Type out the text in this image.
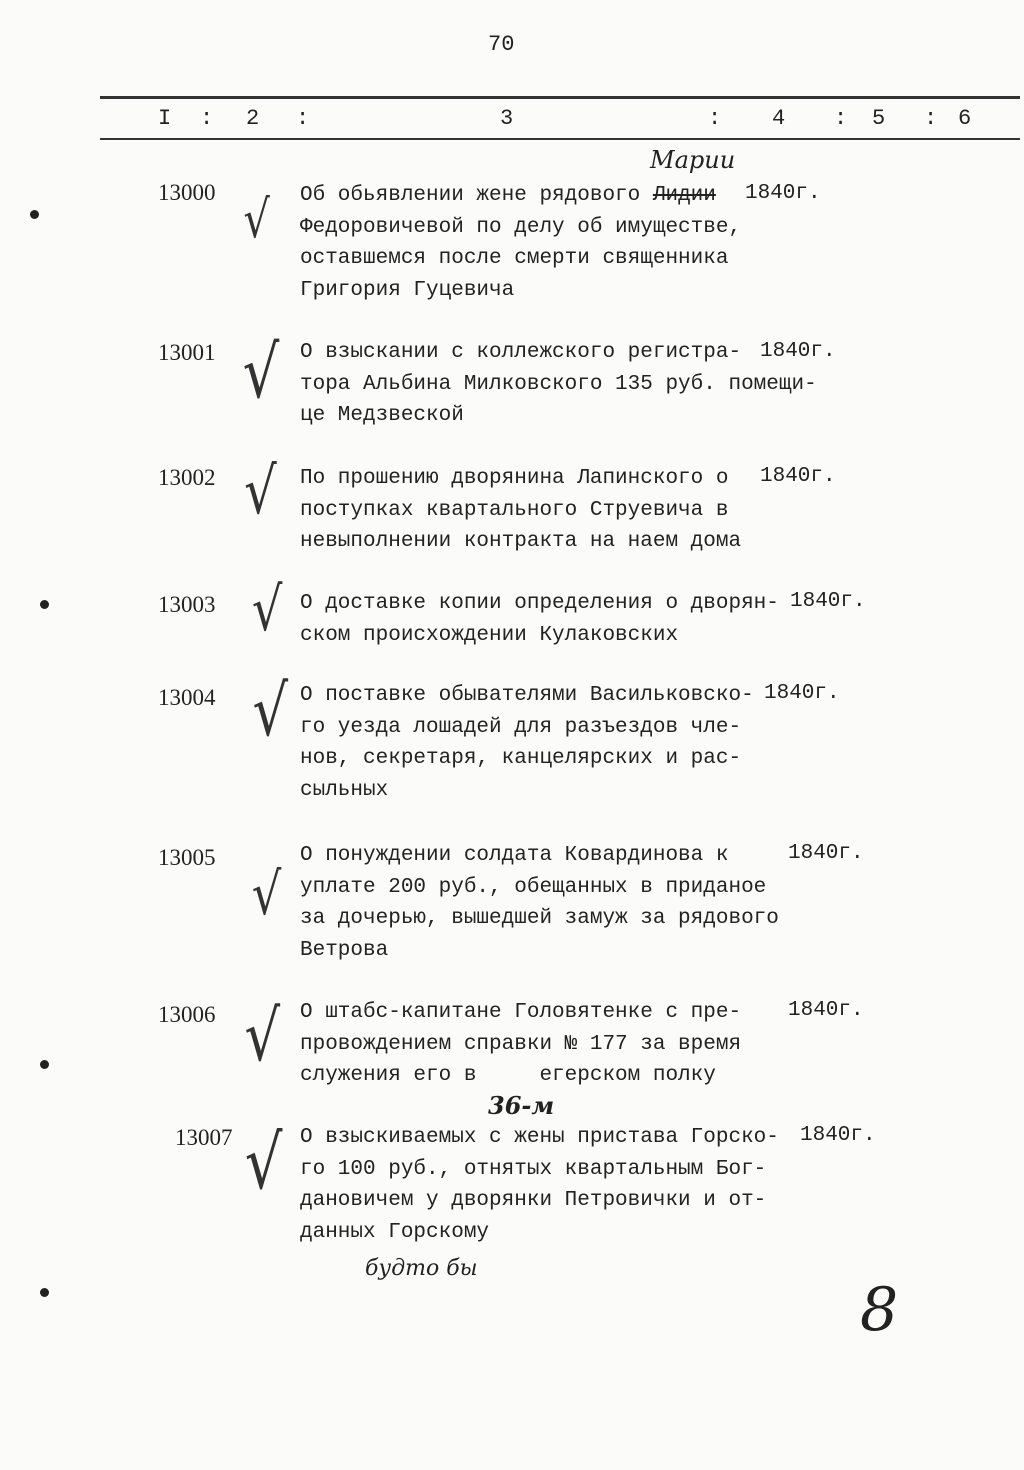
70
I : 2 :	3	: 4 : 5 : 6
13000 √
Марии
Об обьявлении жене рядового Лидии
Федоровичевой по делу об имуществе,
оставшемся после смерти священника
Григория Гуцевича
1840г.
13001 √ О взыскании с коллежского регистра-
тора Альбина Милковского 135 руб. помещи-
це Медзвеской
1840г.
13002 √ По прошению дворянина Лапинского о
поступках квартального Струевича в
невыполнении контракта на наем дома
1840г.
13003 √ О доставке копии определения о дворян-
ском происхождении Кулаковских
1840г.
13004 √ О поставке обывателями Васильковско-
го уезда лошадей для разъездов чле-
нов, секретаря, канцелярских и рас-
сыльных
1840г.
13005
√
О понуждении солдата Ковардинова к
уплате 200 руб., обещанных в приданое
за дочерью, вышедшей замуж за рядового
Ветрова
1840г.
13006 √ О штабс-капитане Головятенке с пре-
провождением справки № 177 за время
служения его в     егерском полку
36-м
1840г.
13007 √ О взыскиваемых с жены пристава Горско-
го 100 руб., отнятых квартальным Бог-
дановичем у дворянки Петровички и от-
данных Горскому
будто бы
1840г.
8
